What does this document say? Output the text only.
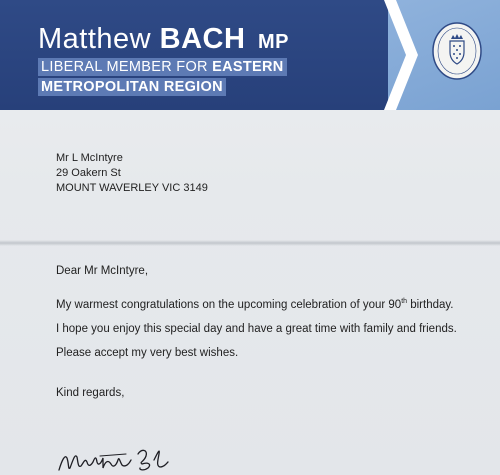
Matthew BACH MP
LIBERAL MEMBER FOR EASTERN
METROPOLITAN REGION
Mr L McIntyre
29 Oakern St
MOUNT WAVERLEY VIC 3149

Dear Mr McIntyre,

My warmest congratulations on the upcoming celebration of your 90th birthday.

I hope you enjoy this special day and have a great time with family and friends.

Please accept my very best wishes.

Kind regards,
